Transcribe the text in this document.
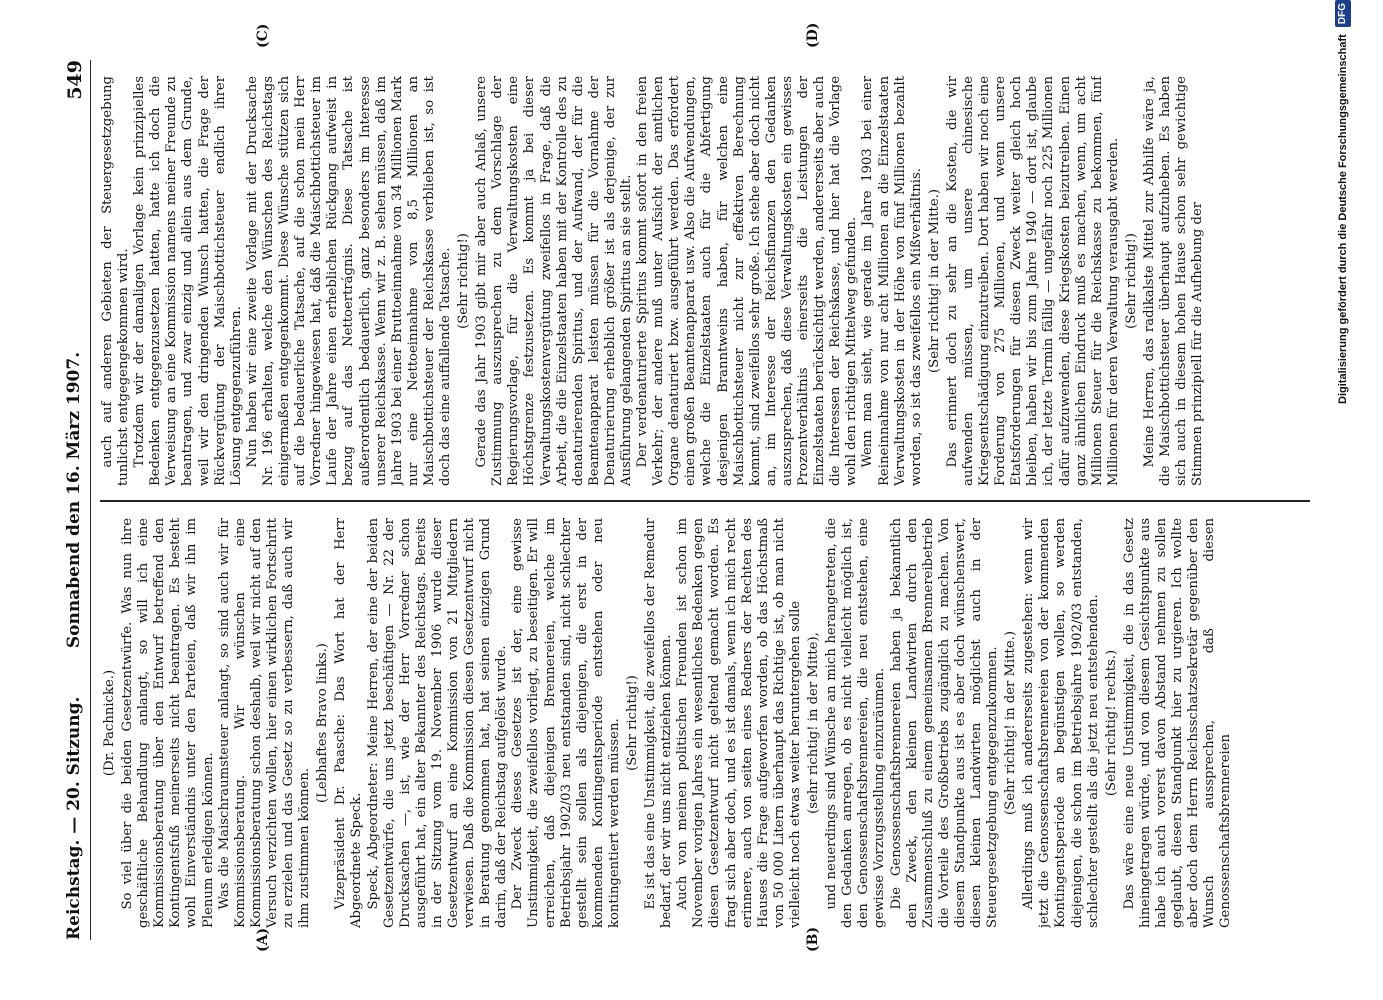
Reichstag. — 20. Sitzung.
Sonnabend den 16. März 1907.
549
(A)	(B)
(C)	(D)

(Dr. Pachnicke.) So viel über die beiden Gesetzentwürfe. Was nun ihre geschäftliche Behandlung anlangt, so will ich eine Kommissionsberatung über den Entwurf betreffend den Kontingentsfuß meinerseits nicht beantragen. Es besteht wohl Einverständnis unter den Parteien, daß wir ihn im Plenum erledigen können. Was die Maischraumsteuer anlangt, so sind auch wir für Kommissionsberatung. Wir wünschen eine Kommissionsberatung schon deshalb, weil wir nicht auf den Versuch verzichten wollen, hier einen wirklichen Fortschritt zu erzielen und das Gesetz so zu verbessern, daß auch wir ihm zustimmen können.

(Lebhaftes Bravo links.) Vizepräsident Dr. Paasche: Das Wort hat der Herr Abgeordnete Speck. Speck, Abgeordneter: Meine Herren, der eine der beiden Gesetzentwürfe, die uns jetzt beschäftigen — Nr. 22 der Drucksachen —, ist, wie der Herr Vorredner schon ausgeführt hat, ein alter Bekannter des Reichstags. Bereits in der Sitzung vom 19. November 1906 wurde dieser Gesetzentwurf an eine Kommission von 21 Mitgliedern verwiesen. Daß die Kommission diesen Gesetzentwurf nicht in Beratung genommen hat, hat seinen einzigen Grund darin, daß der Reichstag aufgelöst wurde. Der Zweck dieses Gesetzes ist der, eine gewisse Unstimmigkeit, die zweifellos vorliegt, zu beseitigen. Er will erreichen, daß diejenigen Brennereien, welche im Betriebsjahr 1902/03 neu entstanden sind, nicht schlechter gestellt sein sollen als diejenigen, die erst in der kommenden Kontingentsperiode entstehen oder neu kontingentiert werden müssen. (Sehr richtig!) Es ist das eine Unstimmigkeit, die zweifellos der Remedur bedarf, der wir uns nicht entziehen können. Auch von meinen politischen Freunden ist schon im November vorigen Jahres ein wesentliches Bedenken gegen diesen Gesetzentwurf nicht geltend gemacht worden. Es fragt sich aber doch, und es ist damals, wenn ich mich recht erinnere, auch von seiten eines Redners der Rechten des Hauses die Frage aufgeworfen worden, ob das Höchstmaß von 50 000 Litern überhaupt das Richtige ist, ob man nicht vielleicht noch etwas weiter heruntergehen solle (sehr richtig! in der Mitte), und neuerdings sind Wünsche an mich herangetreten, die den Gedanken anregen, ob es nicht vielleicht möglich ist, den Genossenschaftsbrennereien, die neu entstehen, eine gewisse Vorzugsstellung einzuräumen. Die Genossenschaftsbrennereien haben ja bekanntlich den Zweck, den kleinen Landwirten durch den Zusammenschluß zu einem gemeinsamen Brennereibetrieb die Vorteile des Großbetriebs zugänglich zu machen. Von diesem Standpunkte aus ist es aber doch wünschenswert, diesen kleinen Landwirten möglichst auch in der Steuergesetzgebung entgegenzukommen. (Sehr richtig! in der Mitte.) Allerdings muß ich andererseits zugestehen: wenn wir jetzt die Genossenschaftsbrennereien von der kommenden Kontingentsperiode an begünstigen wollen, so werden diejenigen, die schon im Betriebsjahre 1902/03 entstanden, schlechter gestellt als die jetzt neu entstehenden. (Sehr richtig! rechts.) Das wäre eine neue Unstimmigkeit, die in das Gesetz hineingetragen würde, und von diesem Gesichtspunkte aus habe ich auch vorerst davon Abstand nehmen zu sollen geglaubt, diesen Standpunkt hier zu urgieren. Ich wollte aber doch dem Herrn Reichsschatzsekretär gegenüber den Wunsch aussprechen, daß diesen Genossenschaftsbrennereien

auch auf anderen Gebieten der Steuergesetzgebung tunlichst entgegengekommen wird. Trotzdem wir der damaligen Vorlage kein prinzipielles Bedenken entgegenzusetzen hatten, hatte ich doch die Verweisung an eine Kommission namens meiner Freunde zu beantragen, und zwar einzig und allein aus dem Grunde, weil wir den dringenden Wunsch hatten, die Frage der Rückvergütung der Maischbottichsteuer endlich ihrer Lösung entgegenzuführen. Nun haben wir eine zweite Vorlage mit der Drucksache Nr. 196 erhalten, welche den Wünschen des Reichstags einigermaßen entgegenkommt. Diese Wünsche stützen sich auf die bedauerliche Tatsache, auf die schon mein Herr Vorredner hingewiesen hat, daß die Maischbottichsteuer im Laufe der Jahre einen erheblichen Rückgang aufweist in bezug auf das Nettoertrágnis. Diese Tatsache ist außerordentlich bedauerlich, ganz besonders im Interesse unserer Reichskasse. Wenn wir z. B. sehen müssen, daß im Jahre 1903 bei einer Bruttoeinnahme von 34 Millionen Mark nur eine Nettoeinnahme von 8,5 Millionen an Maischbottichsteuer der Reichskasse verblieben ist, so ist doch das eine auffallende Tatsache. (Sehr richtig!) Gerade das Jahr 1903 gibt mir aber auch Anlaß, unsere Zustimmung auszusprechen zu dem Vorschlage der Regierungsvorlage, für die Verwaltungskosten eine Höchstgrenze festzusetzen. Es kommt ja bei dieser Verwaltungskostenvergütung zweifellos in Frage, daß die Arbeit, die die Einzelstaaten haben mit der Kontrolle des zu denaturierenden Spiritus, und der Aufwand, der für die Beamtenapparat leisten müssen für die Vornahme der Denaturierung erheblich größer ist als derjenige, der zur Ausführung gelangenden Spiritus an sie stellt. Der verdenaturierte Spiritus kommt sofort in den freien Verkehr; der andere muß unter Aufsicht der amtlichen Organe denaturiert bzw. ausgeführt werden. Das erfordert einen großen Beamtenapparat usw. Also die Aufwendungen, welche die Einzelstaaten auch für die Abfertigung desjenigen Branntweins haben, für welchen eine Maischbottichsteuer nicht zur effektiven Berechnung kommt, sind zweifellos sehr große. Ich stehe aber doch nicht an, im Interesse der Reichsfinanzen den Gedanken auszusprechen, daß diese Verwaltungskosten ein gewisses Prozentverhältnis einerseits die Leistungen der Einzelstaaten berücksichtigt werden, andererseits aber auch die Interessen der Reichskasse, und hier hat die Vorlage wohl den richtigen Mittelweg gefunden. Wenn man sieht, wie gerade im Jahre 1903 bei einer Reineinnahme von nur acht Millionen an die Einzelstaaten Verwaltungskosten in der Höhe von fünf Millionen bezahlt worden, so ist das zweifellos ein Mißverhältnis. (Sehr richtig! in der Mitte.) Das erinnert doch zu sehr an die Kosten, die wir aufwenden müssen, um unsere chinesische Kriegsentschädigung einzutreiben. Dort haben wir noch eine Forderung von 275 Millionen, und wenn unsere Etatsforderungen für diesen Zweck weiter gleich hoch bleiben, haben wir bis zum Jahre 1940 — dort ist, glaube ich, der letzte Termin fällig — ungefähr noch 225 Millionen dafür aufzuwenden, diese Kriegskosten beizutreiben. Einen ganz ähnlichen Eindruck muß es machen, wenn, um acht Millionen Steuer für die Reichskasse zu bekommen, fünf Millionen für deren Verwaltung verausgabt werden. (Sehr richtig!) Meine Herren, das radikalste Mittel zur Abhilfe wäre ja, die Maischbottichsteuer überhaupt aufzuheben. Es haben sich auch in diesem hohen Hause schon sehr gewichtige Stimmen prinzipiell für die Aufhebung der	Digitalisierung gefördert durch die Deutsche Forschungsgemeinschaft DFG
